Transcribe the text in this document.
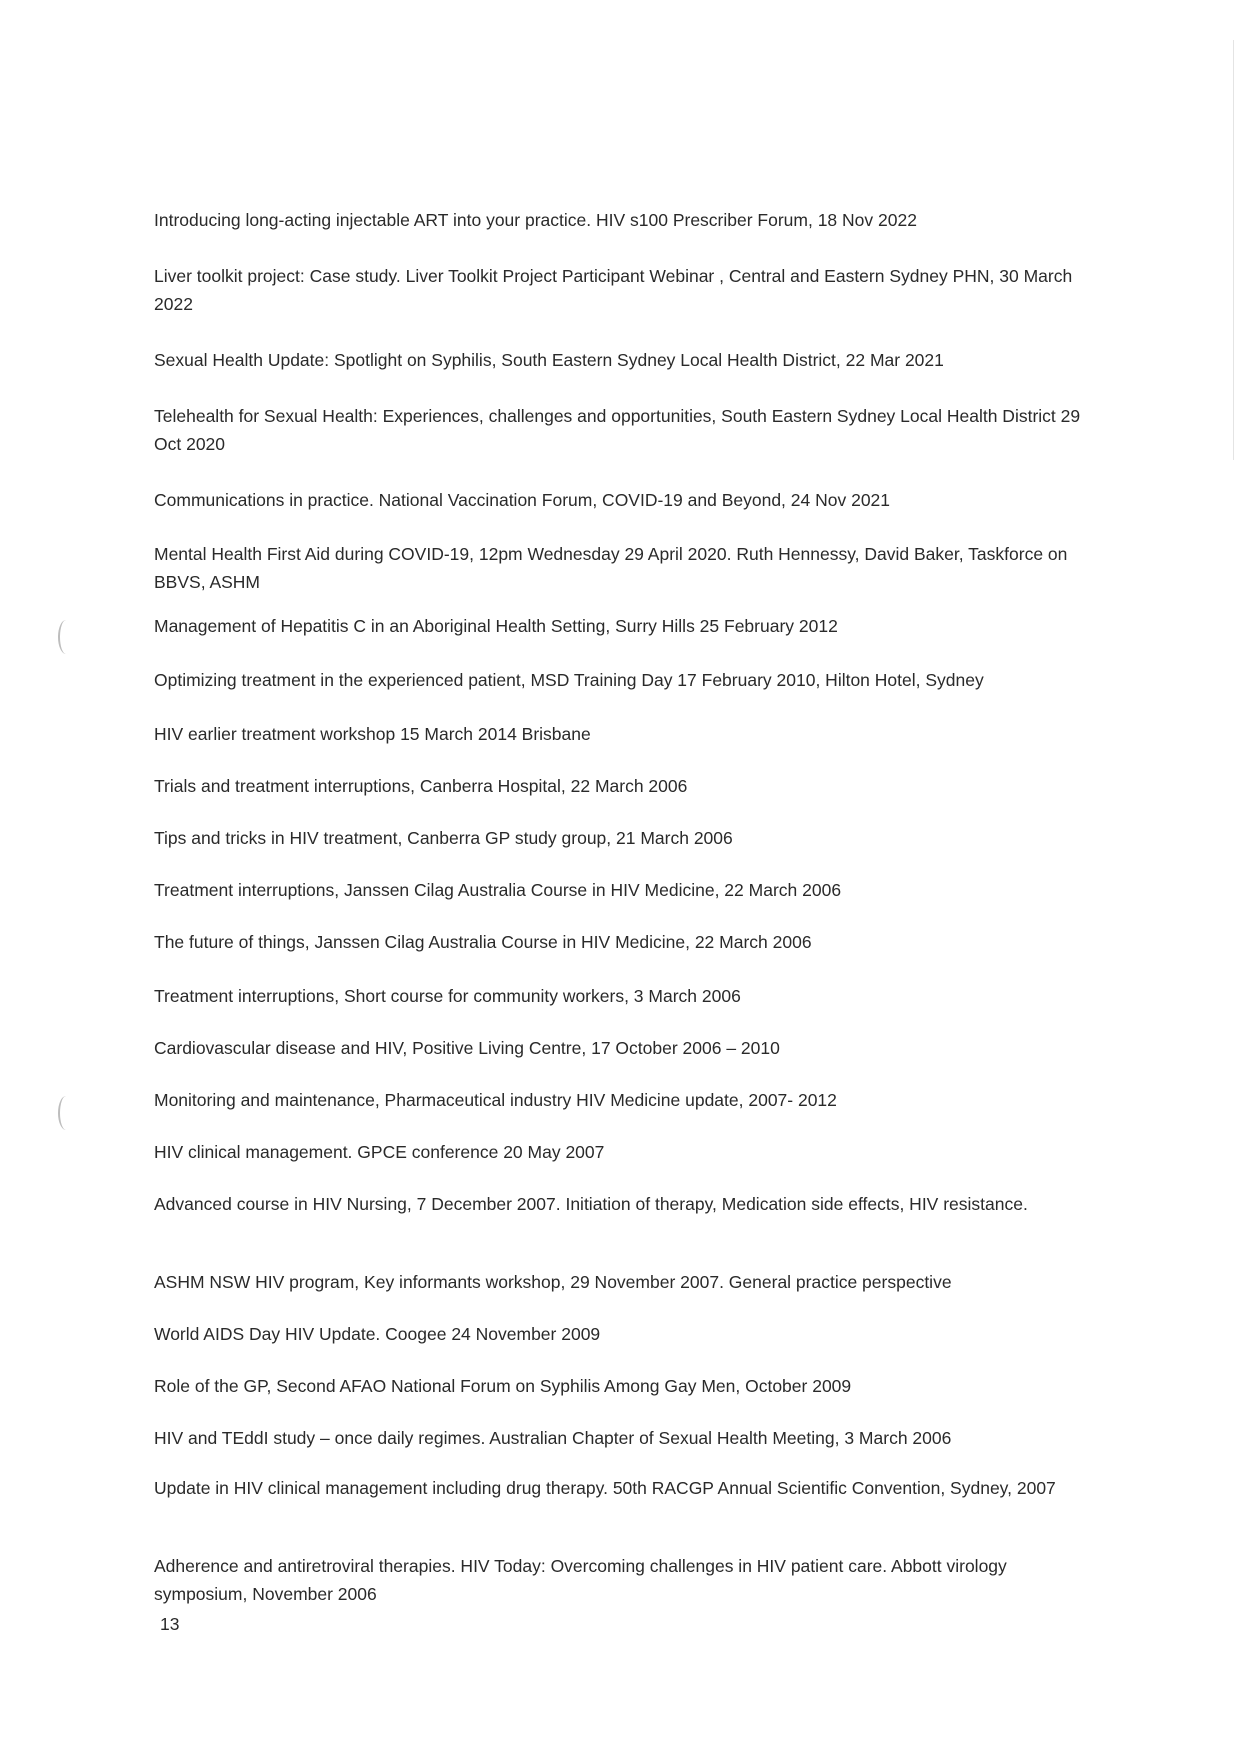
Introducing long-acting injectable ART into your practice. HIV s100 Prescriber Forum, 18 Nov 2022

Liver toolkit project: Case study. Liver Toolkit Project Participant Webinar , Central and Eastern Sydney PHN, 30 March 2022

Sexual Health Update: Spotlight on Syphilis, South Eastern Sydney Local Health District, 22 Mar 2021

Telehealth for Sexual Health: Experiences, challenges and opportunities, South Eastern Sydney Local Health District 29 Oct 2020

Communications in practice. National Vaccination Forum, COVID-19 and Beyond, 24 Nov 2021

Mental Health First Aid during COVID-19, 12pm Wednesday 29 April 2020. Ruth Hennessy, David Baker, Taskforce on BBVS, ASHM

Management of Hepatitis C in an Aboriginal Health Setting, Surry Hills 25 February 2012

Optimizing treatment in the experienced patient, MSD Training Day 17 February 2010, Hilton Hotel, Sydney

HIV earlier treatment workshop 15 March 2014 Brisbane

Trials and treatment interruptions, Canberra Hospital, 22 March 2006

Tips and tricks in HIV treatment, Canberra GP study group, 21 March 2006

Treatment interruptions, Janssen Cilag Australia Course in HIV Medicine, 22 March 2006

The future of things, Janssen Cilag Australia Course in HIV Medicine, 22 March 2006

Treatment interruptions, Short course for community workers, 3 March 2006

Cardiovascular disease and HIV, Positive Living Centre, 17 October 2006 – 2010

Monitoring and maintenance, Pharmaceutical industry HIV Medicine update, 2007- 2012

HIV clinical management. GPCE conference 20 May 2007

Advanced course in HIV Nursing, 7 December 2007. Initiation of therapy, Medication side effects, HIV resistance.

ASHM NSW HIV program, Key informants workshop, 29 November 2007. General practice perspective

World AIDS Day HIV Update. Coogee 24 November 2009

Role of the GP, Second AFAO National Forum on Syphilis Among Gay Men, October 2009

HIV and TEddI study – once daily regimes. Australian Chapter of Sexual Health Meeting, 3 March 2006

Update in HIV clinical management including drug therapy. 50th RACGP Annual Scientific Convention, Sydney, 2007

Adherence and antiretroviral therapies. HIV Today: Overcoming challenges in HIV patient care. Abbott virology symposium, November 2006

13
